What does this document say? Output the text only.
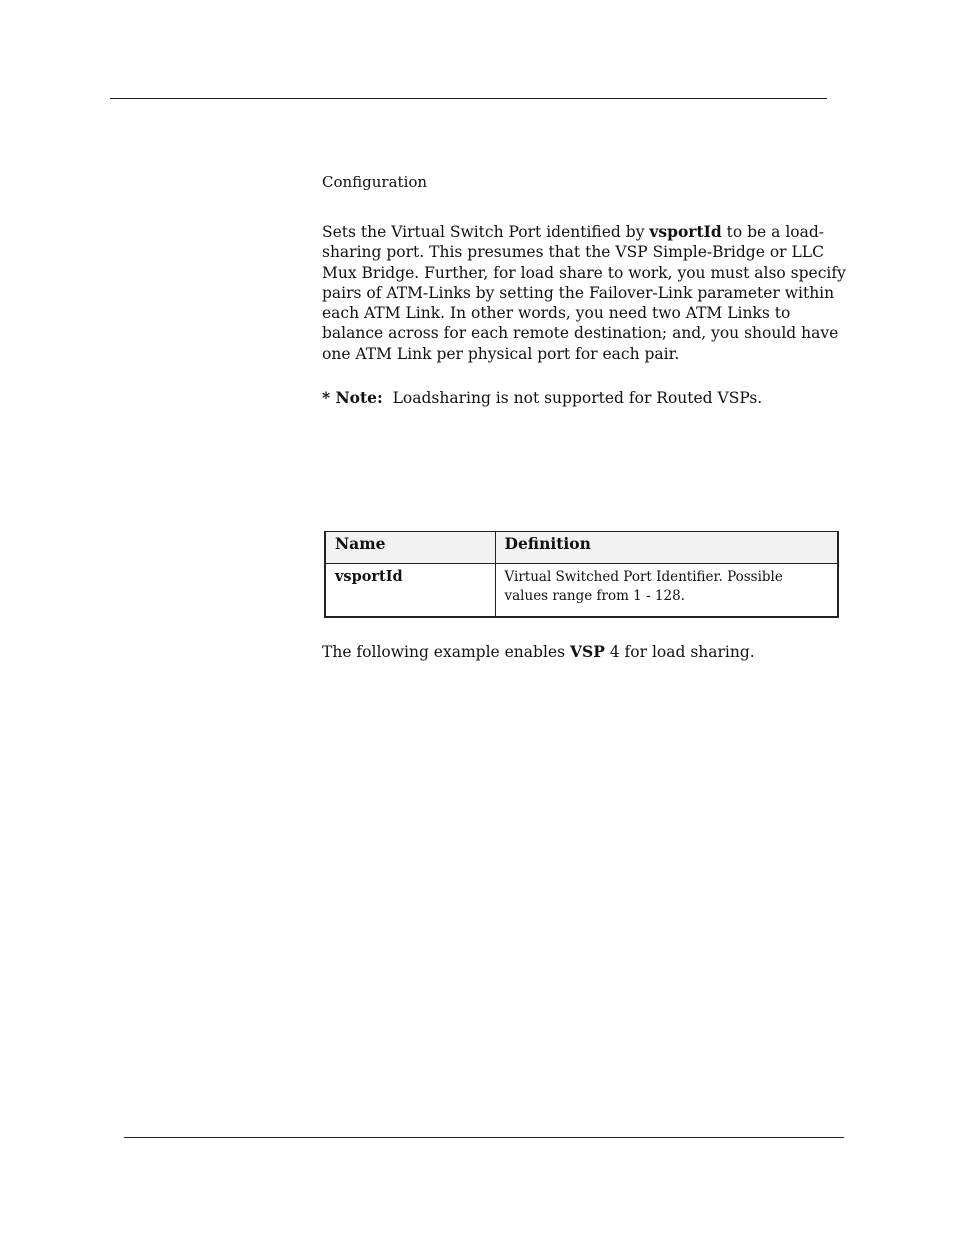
Configuration

Sets the Virtual Switch Port identified by vsportId to be a load-sharing port. This presumes that the VSP Simple-Bridge or LLC Mux Bridge. Further, for load share to work, you must also specify pairs of ATM-Links by setting the Failover-Link parameter within each ATM Link. In other words, you need two ATM Links to balance across for each remote destination; and, you should have one ATM Link per physical port for each pair.

* Note: Loadsharing is not supported for Routed VSPs.
Name	Definition
vsportId	Virtual Switched Port Identifier. Possible values range from 1 - 128.
The following example enables VSP 4 for load sharing.
